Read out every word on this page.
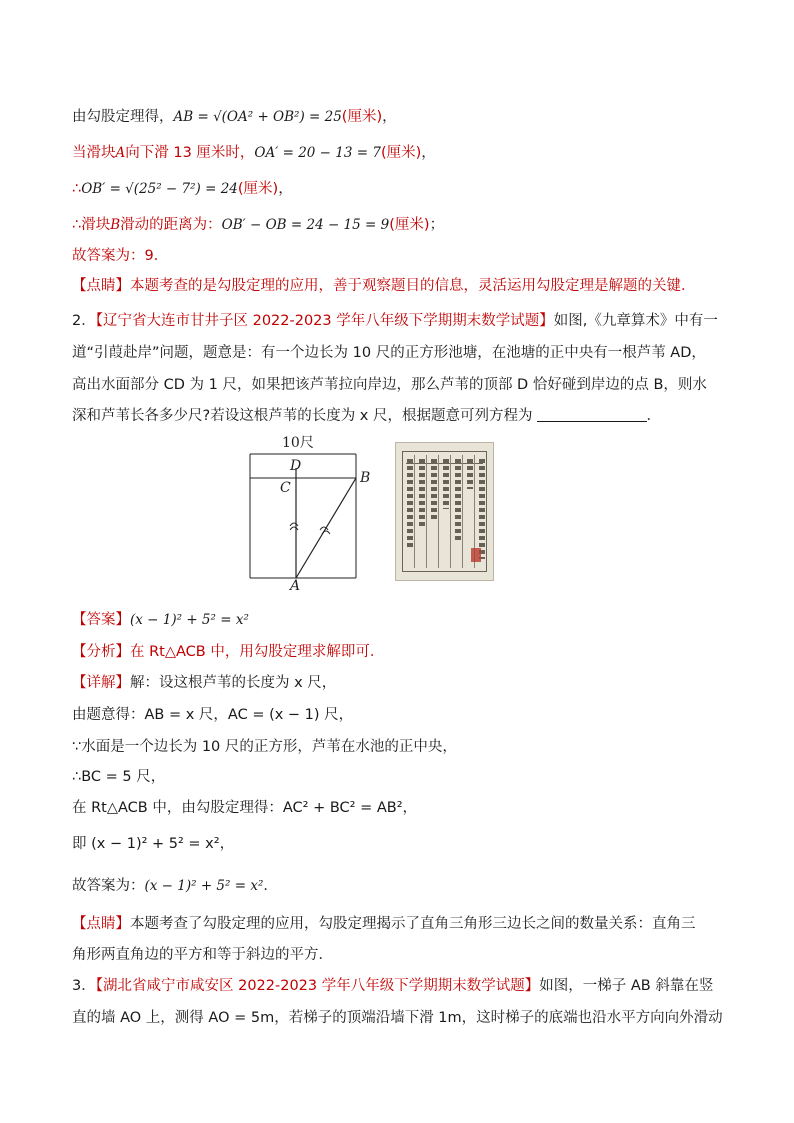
由勾股定理得，AB = √(OA² + OB²) = 25(厘米)，
当滑块A向下滑 13 厘米时，OA′ = 20 − 13 = 7(厘米)，
∴OB′ = √(25² − 7²) = 24(厘米)，
∴滑块B滑动的距离为：OB′ − OB = 24 − 15 = 9(厘米)；
故答案为：9．
【点睛】本题考查的是勾股定理的应用，善于观察题目的信息，灵活运用勾股定理是解题的关键．
2．【辽宁省大连市甘井子区 2022-2023 学年八年级下学期期末数学试题】如图,《九章算术》中有一
道“引葭赴岸”问题，题意是：有一个边长为 10 尺的正方形池塘，在池塘的正中央有一根芦苇 AD，
高出水面部分 CD 为 1 尺，如果把该芦苇拉向岸边，那么芦苇的顶部 D 恰好碰到岸边的点 B，则水
深和芦苇长各多少尺?若设这根芦苇的长度为 x 尺，根据题意可列方程为	．
10尺
D
C
B
A
【答案】(x − 1)² + 5² = x²
【分析】在 Rt△ACB 中，用勾股定理求解即可．
【详解】解：设这根芦苇的长度为 x 尺，
由题意得：AB = x 尺，AC = (x − 1) 尺，
∵水面是一个边长为 10 尺的正方形，芦苇在水池的正中央，
∴BC = 5 尺，
在 Rt△ACB 中，由勾股定理得：AC² + BC² = AB²，
即 (x − 1)² + 5² = x²，
故答案为：(x − 1)² + 5² = x²．
【点睛】本题考查了勾股定理的应用，勾股定理揭示了直角三角形三边长之间的数量关系：直角三
角形两直角边的平方和等于斜边的平方．
3．【湖北省咸宁市咸安区 2022-2023 学年八年级下学期期末数学试题】如图，一梯子 AB 斜靠在竖
直的墙 AO 上，测得 AO = 5m，若梯子的顶端沿墙下滑 1m，这时梯子的底端也沿水平方向向外滑动
